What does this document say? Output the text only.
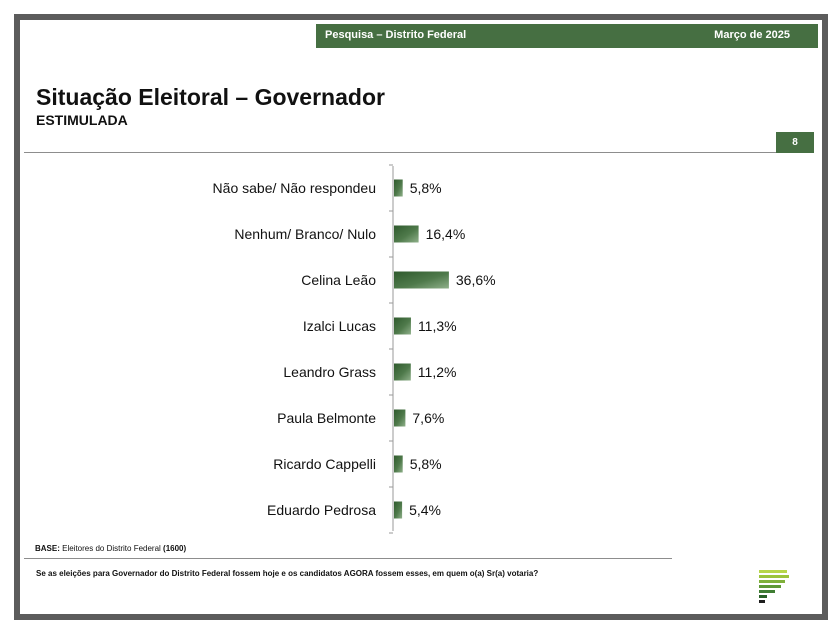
Pesquisa – Distrito Federal	Março de 2025
Situação Eleitoral – Governador
ESTIMULADA
8
Não sabe/ Não respondeu 5,8%
Nenhum/ Branco/ Nulo	16,4%
Celina Leão	36,6%
Izalci Lucas	11,3%
Leandro Grass	11,2%
Paula Belmonte	7,6%
Ricardo Cappelli 5,8%
Eduardo Pedrosa 5,4%
BASE: Eleitores do Distrito Federal (1600)
Se as eleições para Governador do Distrito Federal fossem hoje e os candidatos AGORA fossem esses, em quem o(a) Sr(a) votaria?
